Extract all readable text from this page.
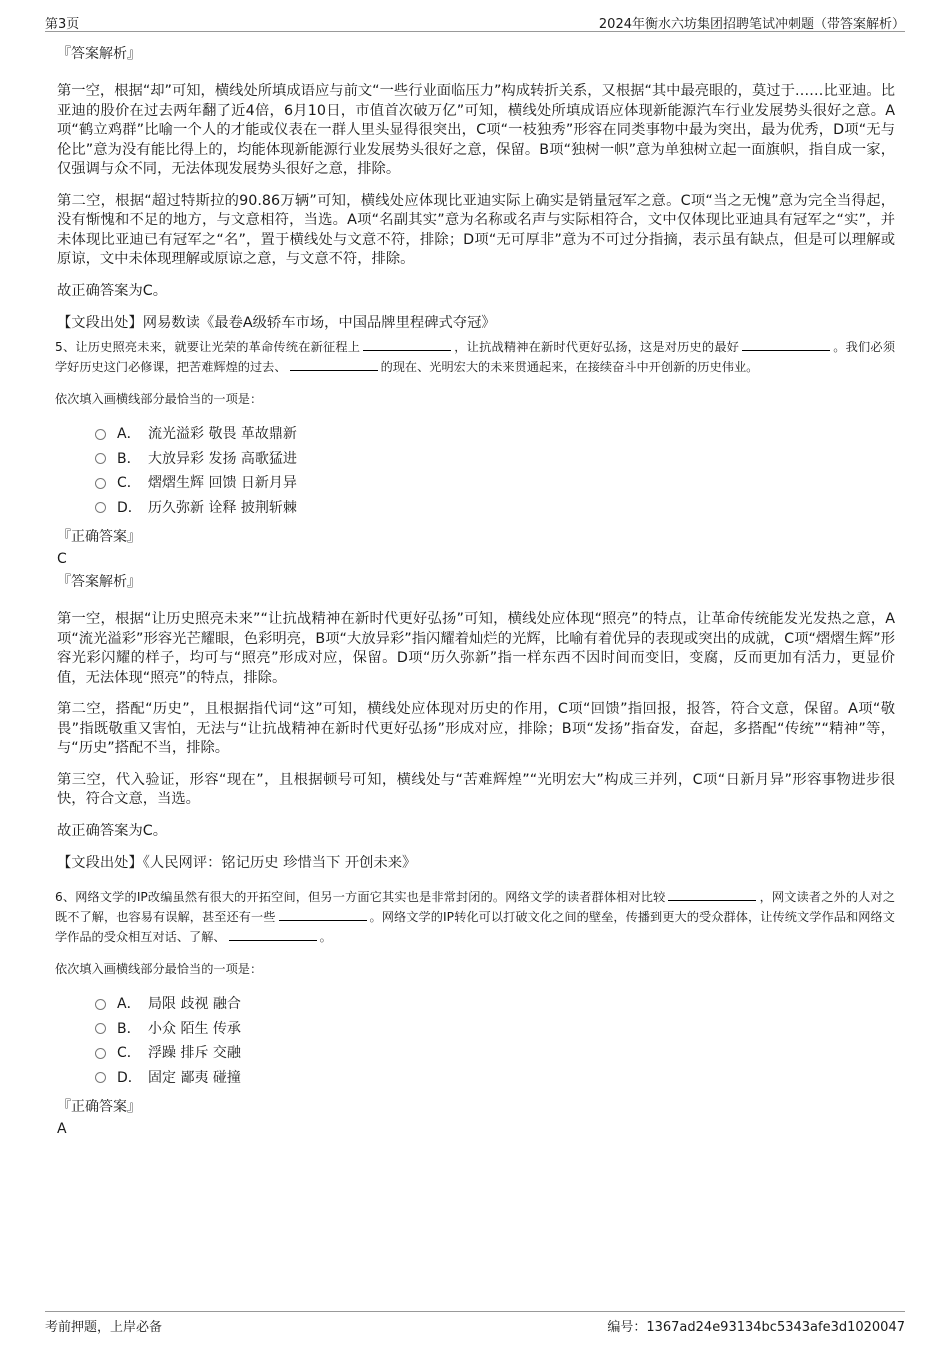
第3页	2024年衡水六坊集团招聘笔试冲刺题（带答案解析）
『答案解析』

第一空，根据“却”可知，横线处所填成语应与前文“一些行业面临压力”构成转折关系，又根据“其中最亮眼的，莫过于……比亚迪。比亚迪的股价在过去两年翻了近4倍，6月10日，市值首次破万亿”可知，横线处所填成语应体现新能源汽车行业发展势头很好之意。A项“鹤立鸡群”比喻一个人的才能或仪表在一群人里头显得很突出，C项“一枝独秀”形容在同类事物中最为突出，最为优秀，D项“无与伦比”意为没有能比得上的，均能体现新能源行业发展势头很好之意，保留。B项“独树一帜”意为单独树立起一面旗帜，指自成一家，仅强调与众不同，无法体现发展势头很好之意，排除。

第二空，根据“超过特斯拉的90.86万辆”可知，横线处应体现比亚迪实际上确实是销量冠军之意。C项“当之无愧”意为完全当得起，没有惭愧和不足的地方，与文意相符，当选。A项“名副其实”意为名称或名声与实际相符合，文中仅体现比亚迪具有冠军之“实”，并未体现比亚迪已有冠军之“名”，置于横线处与文意不符，排除；D项“无可厚非”意为不可过分指摘，表示虽有缺点，但是可以理解或原谅，文中未体现理解或原谅之意，与文意不符，排除。

故正确答案为C。

【文段出处】网易数读《最卷A级轿车市场，中国品牌里程碑式夺冠》

5、让历史照亮未来，就要让光荣的革命传统在新征程上	，让抗战精神在新时代更好弘扬，这是对历史的最好	。我们必须学好历史这门必修课，把苦难辉煌的过去、	的现在、光明宏大的未来贯通起来，在接续奋斗中开创新的历史伟业。

依次填入画横线部分最恰当的一项是：

A． 流光溢彩 敬畏 革故鼎新
B． 大放异彩 发扬 高歌猛进
C． 熠熠生辉 回馈 日新月异
D． 历久弥新 诠释 披荆斩棘
『正确答案』
C
『答案解析』

第一空，根据“让历史照亮未来”“让抗战精神在新时代更好弘扬”可知，横线处应体现“照亮”的特点，让革命传统能发光发热之意，A项“流光溢彩”形容光芒耀眼，色彩明亮，B项“大放异彩”指闪耀着灿烂的光辉，比喻有着优异的表现或突出的成就，C项“熠熠生辉”形容光彩闪耀的样子，均可与“照亮”形成对应，保留。D项“历久弥新”指一样东西不因时间而变旧，变腐，反而更加有活力，更显价值，无法体现“照亮”的特点，排除。

第二空，搭配“历史”，且根据指代词“这”可知，横线处应体现对历史的作用，C项“回馈”指回报，报答，符合文意，保留。A项“敬畏”指既敬重又害怕，无法与“让抗战精神在新时代更好弘扬”形成对应，排除；B项“发扬”指奋发，奋起，多搭配“传统”“精神”等，与“历史”搭配不当，排除。

第三空，代入验证，形容“现在”，且根据顿号可知，横线处与“苦难辉煌”“光明宏大”构成三并列，C项“日新月异”形容事物进步很快，符合文意，当选。

故正确答案为C。

【文段出处】《人民网评：铭记历史 珍惜当下 开创未来》

6、网络文学的IP改编虽然有很大的开拓空间，但另一方面它其实也是非常封闭的。网络文学的读者群体相对比较	，网文读者之外的人对之既不了解，也容易有误解，甚至还有一些	。网络文学的IP转化可以打破文化之间的壁垒，传播到更大的受众群体，让传统文学作品和网络文学作品的受众相互对话、了解、	。

依次填入画横线部分最恰当的一项是：

A． 局限 歧视 融合
B． 小众 陌生 传承
C． 浮躁 排斥 交融
D． 固定 鄙夷 碰撞
『正确答案』
A
考前押题，上岸必备	编号：1367ad24e93134bc5343afe3d1020047
